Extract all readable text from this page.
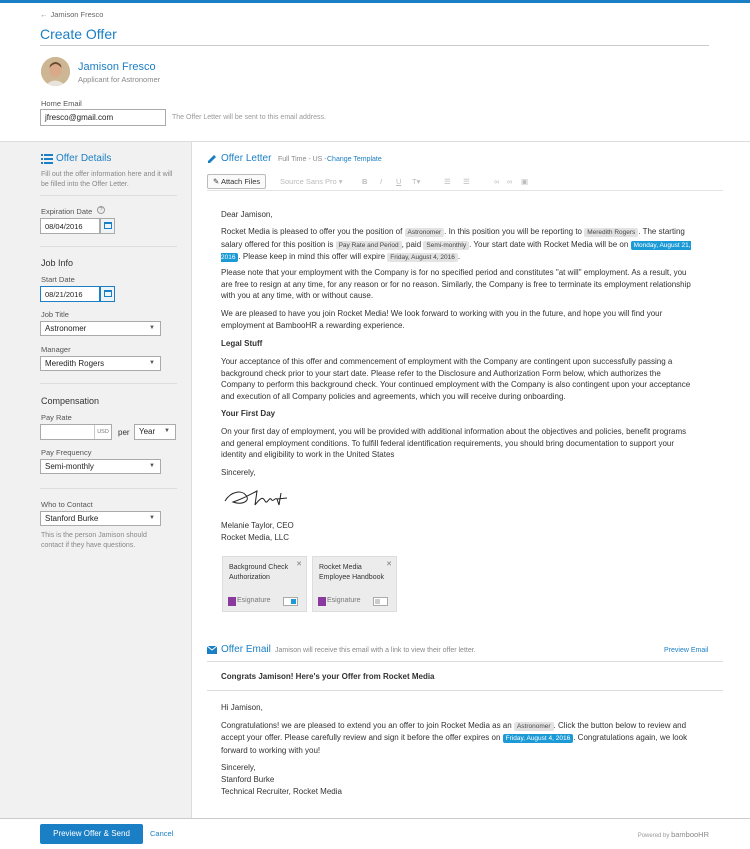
← Jamison Fresco
Create Offer
Jamison Fresco
Applicant for Astronomer
Home Email
jfresco@gmail.com	The Offer Letter will be sent to this email address.
Offer Details
Fill out the offer information here and it will be filled into the Offer Letter.
Expiration Date	?
08/04/2016
Job Info
Start Date
08/21/2016
Job Title
Astronomer	▼
Manager
Meredith Rogers	▼
Compensation
Pay Rate
USD per	Year ▼
Pay Frequency
Semi-monthly	▼
Who to Contact
Stanford Burke	▼
This is the person Jamison should contact if they have questions.
Offer Letter Full Time - US - Change Template
✎ Attach Files	Source Sans Pro ▾	B I U T▾	☰ ☰	∞ ∞ ▣
Dear Jamison,
Rocket Media is pleased to offer you the position of Astronomer . In this position you will be reporting to Meredith Rogers . The starting salary offered for this position is Pay Rate and Period , paid Semi-monthly . Your start date with Rocket Media will be on Monday, August 21, 2016 . Please keep in mind this offer will expire Friday, August 4, 2016 .
Please note that your employment with the Company is for no specified period and constitutes "at will" employment. As a result, you are free to resign at any time, for any reason or for no reason. Similarly, the Company is free to terminate its employment relationship with you at any time, with or without cause.
We are pleased to have you join Rocket Media! We look forward to working with you in the future, and hope you will find your employment at BambooHR a rewarding experience.
Legal Stuff
Your acceptance of this offer and commencement of employment with the Company are contingent upon successfully passing a background check prior to your start date. Please refer to the Disclosure and Authorization Form below, which authorizes the Company to perform this background check. Your continued employment with the Company is also contingent upon your acceptance and execution of all Company policies and agreements, which you will receive during onboarding.
Your First Day
On your first day of employment, you will be provided with additional information about the objectives and policies, benefit programs and general employment conditions. To fulfill federal identification requirements, you should bring documentation to support your identity and eligibility to work in the United States
Sincerely,
Melanie Taylor, CEO
Rocket Media, LLC
Background Check Authorization
✕
Esignature
Rocket Media Employee Handbook
✕
Esignature
Offer Email Jamison will receive this email with a link to view their offer letter.	Preview Email
Congrats Jamison! Here's your Offer from Rocket Media
Hi Jamison,
Congratulations! we are pleased to extend you an offer to join Rocket Media as an Astronomer . Click the button below to review and accept your offer. Please carefully review and sign it before the offer expires on Friday, August 4, 2016 . Congratulations again, we look forward to working with you!
Sincerely,
Stanford Burke
Technical Recruiter, Rocket Media
Preview Offer & Send	Cancel	Powered by bambooHR
